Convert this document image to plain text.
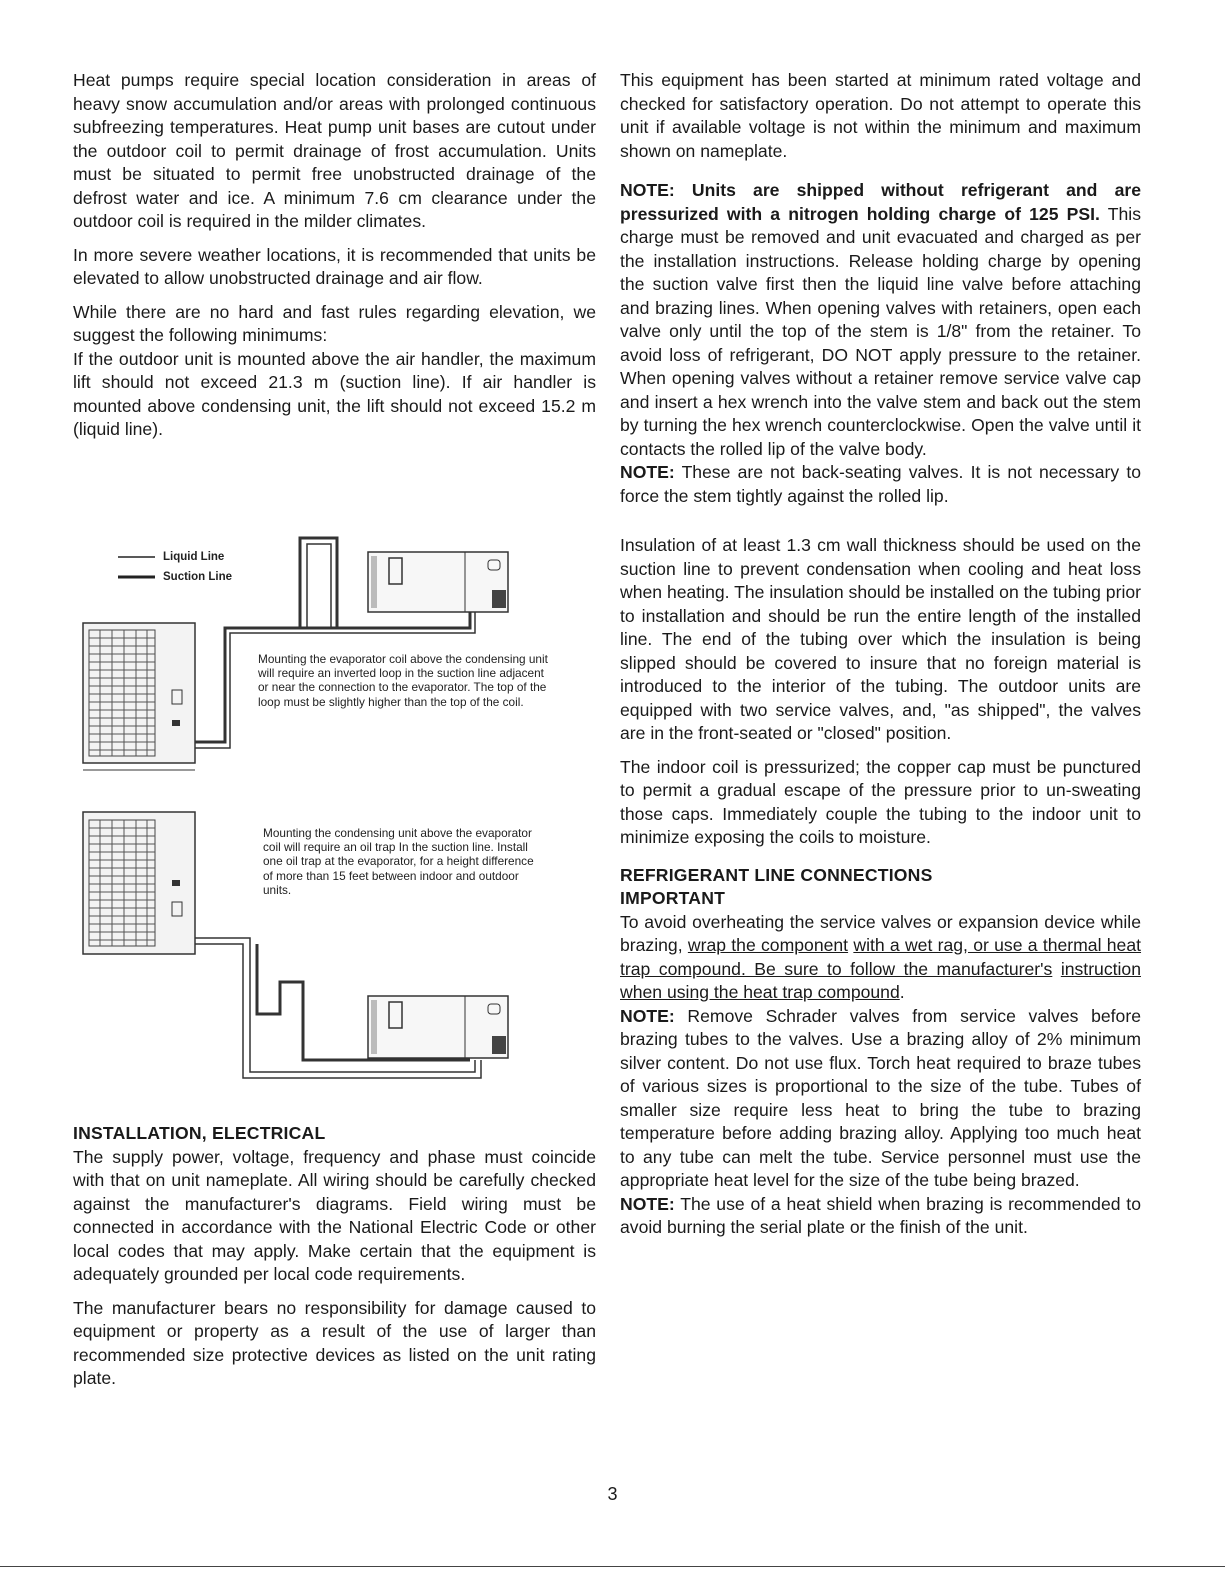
Heat pumps require special location consideration in areas of heavy snow accumulation and/or areas with prolonged continuous subfreezing temperatures. Heat pump unit bases are cutout under the outdoor coil to permit drainage of frost accumulation. Units must be situated to permit free unobstructed drainage of the defrost water and ice. A minimum 7.6 cm clearance under the outdoor coil is required in the milder climates.

In more severe weather locations, it is recommended that units be elevated to allow unobstructed drainage and air flow.

While there are no hard and fast rules regarding elevation, we suggest the following minimums:

If the outdoor unit is mounted above the air handler, the maximum lift should not exceed 21.3 m (suction line). If air handler is mounted above condensing unit, the lift should not exceed 15.2 m (liquid line).

Liquid Line
Suction Line
Mounting the evaporator coil above the condensing unit will require an inverted loop in the suction line adjacent or near the connection to the evaporator. The top of the loop must be slightly higher than the top of the coil.
Mounting the condensing unit above the evaporator coil will require an oil trap In the suction line. Install one oil trap at the evaporator, for a height difference of more than 15 feet between indoor and outdoor units.

INSTALLATION, ELECTRICAL

The supply power, voltage, frequency and phase must coincide with that on unit nameplate. All wiring should be carefully checked against the manufacturer's diagrams. Field wiring must be connected in accordance with the National Electric Code or other local codes that may apply. Make certain that the equipment is adequately grounded per local code requirements.

The manufacturer bears no responsibility for damage caused to equipment or property as a result of the use of larger than recommended size protective devices as listed on the unit rating plate.

This equipment has been started at minimum rated voltage and checked for satisfactory operation. Do not attempt to operate this unit if available voltage is not within the minimum and maximum shown on nameplate.

NOTE: Units are shipped without refrigerant and are pressurized with a nitrogen holding charge of 125 PSI. This charge must be removed and unit evacuated and charged as per the installation instructions. Release holding charge by opening the suction valve first then the liquid line valve before attaching and brazing lines. When opening valves with retainers, open each valve only until the top of the stem is 1/8" from the retainer. To avoid loss of refrigerant, DO NOT apply pressure to the retainer. When opening valves without a retainer remove service valve cap and insert a hex wrench into the valve stem and back out the stem by turning the hex wrench counterclockwise. Open the valve until it contacts the rolled lip of the valve body.

NOTE: These are not back-seating valves. It is not necessary to force the stem tightly against the rolled lip.

Insulation of at least 1.3 cm wall thickness should be used on the suction line to prevent condensation when cooling and heat loss when heating. The insulation should be installed on the tubing prior to installation and should be run the entire length of the installed line. The end of the tubing over which the insulation is being slipped should be covered to insure that no foreign material is introduced to the interior of the tubing. The outdoor units are equipped with two service valves, and, "as shipped", the valves are in the front-seated or "closed" position.

The indoor coil is pressurized; the copper cap must be punctured to permit a gradual escape of the pressure prior to un-sweating those caps. Immediately couple the tubing to the indoor unit to minimize exposing the coils to moisture.

REFRIGERANT LINE CONNECTIONS

IMPORTANT

To avoid overheating the service valves or expansion device while brazing, wrap the component with a wet rag, or use a thermal heat trap compound. Be sure to follow the manufacturer's instruction when using the heat trap compound.

NOTE: Remove Schrader valves from service valves before brazing tubes to the valves. Use a brazing alloy of 2% minimum silver content. Do not use flux. Torch heat required to braze tubes of various sizes is proportional to the size of the tube. Tubes of smaller size require less heat to bring the tube to brazing temperature before adding brazing alloy. Applying too much heat to any tube can melt the tube. Service personnel must use the appropriate heat level for the size of the tube being brazed.

NOTE: The use of a heat shield when brazing is recommended to avoid burning the serial plate or the finish of the unit.

3
